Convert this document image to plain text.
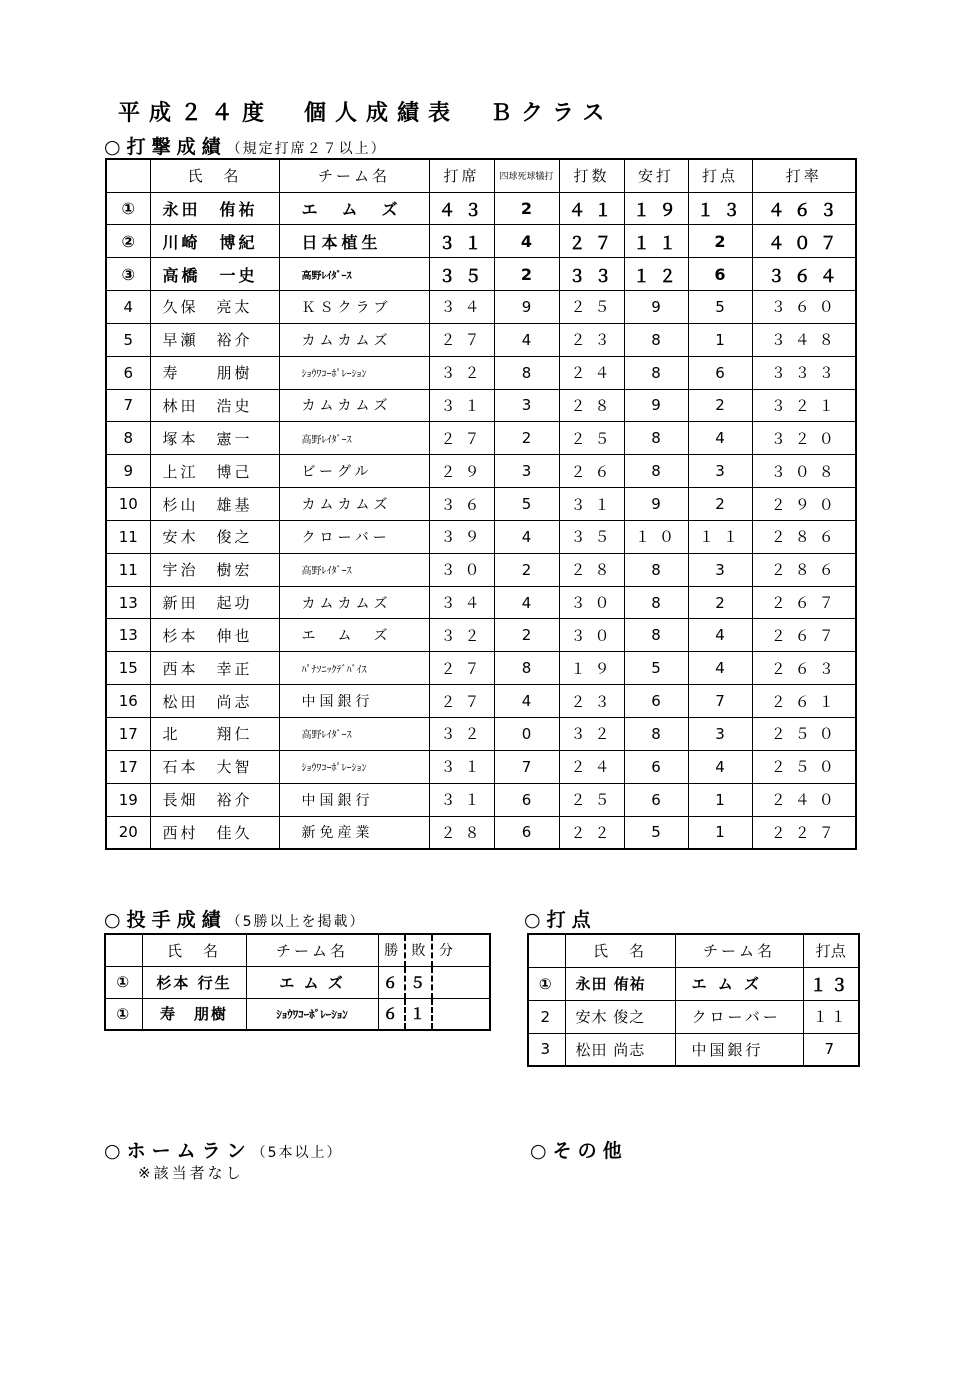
平成２４度　個人成績表　Ｂクラス
○打撃成績（規定打席２７以上）
	氏　名	チーム名	打席	四球死球犠打	打数	安打	打点	打率
①	永田　侑祐	エ　ム　ズ	４３	2	４１	１９	１３	４６３
②	川崎　博紀	日本植生	３１	4	２７	１１	2	４０７
③	高橋　一史	高野ﾚｲﾀﾞｰｽ	３５	2	３３	１２	6	３６４
4	久保　亮太	ＫＳクラブ	３４	9	２５	9	5	３６０
5	早瀬　裕介	カムカムズ	２７	4	２３	8	1	３４８
6	寿　　朋樹	ｼｮｳﾜｺｰﾎﾟﾚｰｼｮﾝ	３２	8	２４	8	6	３３３
7	林田　浩史	カムカムズ	３１	3	２８	9	2	３２１
8	塚本　憲一	高野ﾚｲﾀﾞｰｽ	２７	2	２５	8	4	３２０
9	上江　博己	ビーグル	２９	3	２６	8	3	３０８
10	杉山　雄基	カムカムズ	３６	5	３１	9	2	２９０
11	安木　俊之	クローバー	３９	4	３５	１０	１１	２８６
11	宇治　樹宏	高野ﾚｲﾀﾞｰｽ	３０	2	２８	8	3	２８６
13	新田　起功	カムカムズ	３４	4	３０	8	2	２６７
13	杉本　伸也	エ　ム　ズ	３２	2	３０	8	4	２６７
15	西本　幸正	ﾊﾟﾅｿﾆｯｸﾃﾞﾊﾞｲｽ	２７	8	１９	5	4	２６３
16	松田　尚志	中国銀行	２７	4	２３	6	7	２６１
17	北　　翔仁	高野ﾚｲﾀﾞｰｽ	３２	0	３２	8	3	２５０
17	石本　大智	ｼｮｳﾜｺｰﾎﾟﾚｰｼｮﾝ	３１	7	２４	6	4	２５０
19	長畑　裕介	中国銀行	３１	6	２５	6	1	２４０
20	西村　佳久	新免産業	２８	6	２２	5	1	２２７
○投手成績（5勝以上を掲載）
	氏　名	チーム名	勝	敗	分
①	杉本 行生	エ ム ズ	６	５	
①	寿　朋樹	ｼｮｳﾜｺｰﾎﾟﾚｰｼｮﾝ	６	１	
○打点
	氏　名	チーム名	打点
①	永田 侑祐	エ ム ズ	１３
2	安木 俊之	クローバー	１１
3	松田 尚志	中国銀行	7
○ホームラン（5本以上）
※該当者なし
○その他
